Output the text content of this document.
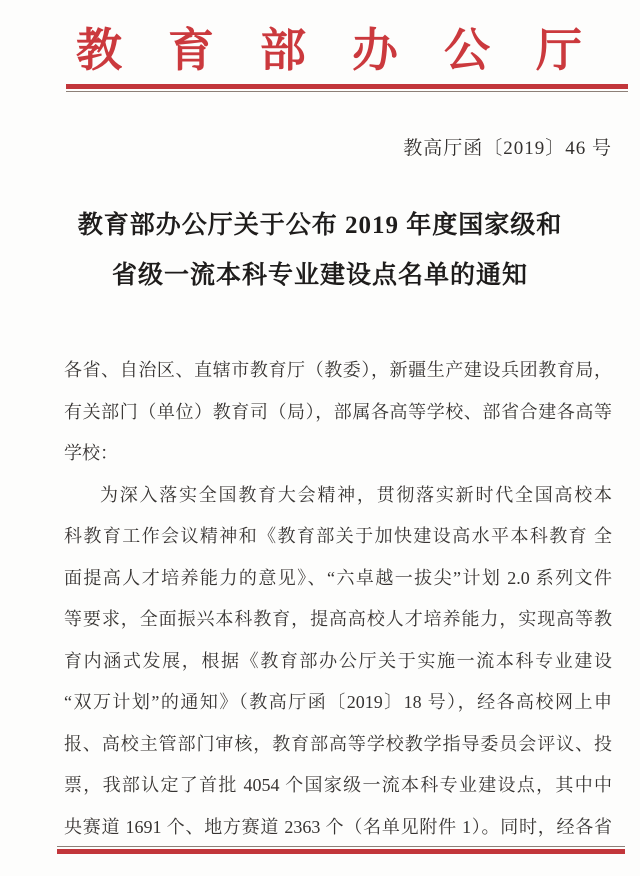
教育部办公厅
教高厅函〔2019〕46 号
教育部办公厅关于公布 2019 年度国家级和
省级一流本科专业建设点名单的通知
各省、自治区、直辖市教育厅（教委），新疆生产建设兵团教育局，
有关部门（单位）教育司（局），部属各高等学校、部省合建各高等
学校：
为深入落实全国教育大会精神，贯彻落实新时代全国高校本
科教育工作会议精神和《教育部关于加快建设高水平本科教育 全
面提高人才培养能力的意见》、“六卓越一拔尖”计划 2.0 系列文件
等要求，全面振兴本科教育，提高高校人才培养能力，实现高等教
育内涵式发展，根据《教育部办公厅关于实施一流本科专业建设
“双万计划”的通知》（教高厅函〔2019〕18 号），经各高校网上申
报、高校主管部门审核，教育部高等学校教学指导委员会评议、投
票，我部认定了首批 4054 个国家级一流本科专业建设点，其中中
央赛道 1691 个、地方赛道 2363 个（名单见附件 1）。同时，经各省
